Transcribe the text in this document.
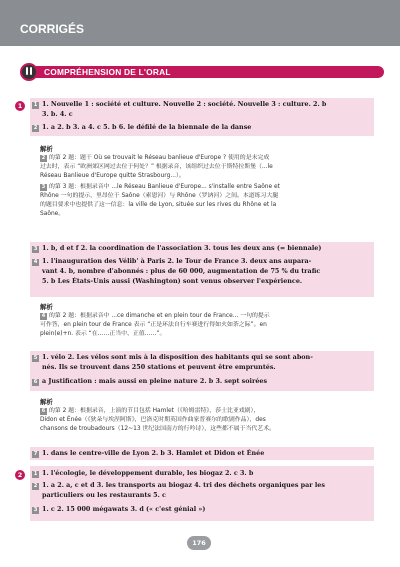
CORRIGÉS
COMPRÉHENSION DE L'ORAL
1	1 1. Nouvelle 1 : société et culture. Nouvelle 2 : société. Nouvelle 3 : culture. 2. b
3. b. 4. c
2 1. a 2. b 3. a 4. c 5. b 6. le défilé de la biennale de la danse
解析
2 的第 2 题：题干 Où se trouvait le Réseau banlieue d'Europe ? 使用的是未完成
过去时，表示 “欧洲郊区网过去位于何处？” 根据录音，该组织过去位于斯特拉斯堡（...le
Réseau Banlieue d'Europe quitte Strasbourg...）。
3 的第 3 题：根据录音中 ...le Réseau Banlieue d'Europe... s'installe entre Saône et
Rhône 一句的提示，里昂位于 Saône（索恩河）与 Rhône（罗讷河）之间。本道练习大腿
的题目要求中也提供了这一信息：la ville de Lyon, située sur les rives du Rhône et la
Saône。
3 1. b, d et f 2. la coordination de l'association 3. tous les deux ans (= biennale)
4 1. l'inauguration des Vélib' à Paris 2. le Tour de France 3. deux ans aupara-
vant 4. b, nombre d'abonnés : plus de 60 000, augmentation de 75 % du trafic
5. b Les États-Unis aussi (Washington) sont venus observer l'expérience.
解析
4 的第 2 题：根据录音中 ...ce dimanche et en plein tour de France... 一句的提示
可作答，en plein tour de France 表示 “正是环法自行车赛进行得如火如荼之际”。en
plein(e)+n. 表示 “在……正当中、正值……”。
5 1. vélo 2. Les vélos sont mis à la disposition des habitants qui se sont abon-
nés. Ils se trouvent dans 250 stations et peuvent être empruntés.
6 a Justification : mais aussi en pleine nature 2. b 3. sept soirées
解析
6 的第 2 题：根据录音，上演的节目包括 Hamlet（《哈姆雷特》，莎士比亚戏剧），
Didon et Énée（《狄朵与埃涅阿斯》，巴洛克时期英国作曲家普赛尔的歌剧作品），des
chansons de troubadours（12~13 世纪法国南方的行吟诗），这些都不属于当代艺术。
7 1. dans le centre-ville de Lyon 2. b 3. Hamlet et Didon et Énée
2	1 1. l'écologie, le développement durable, les biogaz 2. c 3. b
2 1. a 2. a, c et d 3. les transports au biogaz 4. tri des déchets organiques par les
particuliers ou les restaurants 5. c
3 1. c 2. 15 000 mégawats 3. d (« c'est génial »)
176
